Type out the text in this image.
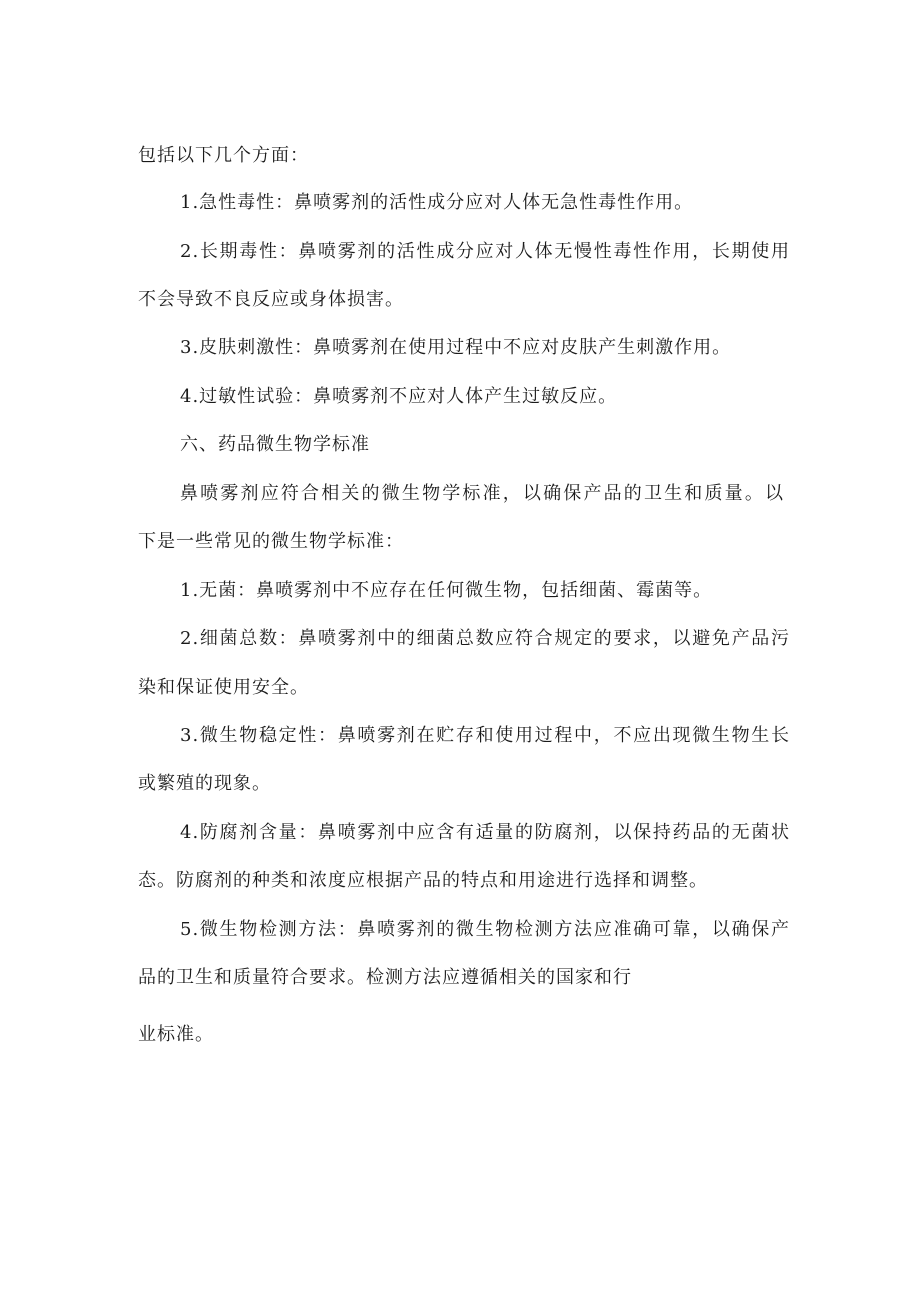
包括以下几个方面：
1.急性毒性：鼻喷雾剂的活性成分应对人体无急性毒性作用。
2.长期毒性：鼻喷雾剂的活性成分应对人体无慢性毒性作用，长期使用
不会导致不良反应或身体损害。
3.皮肤刺激性：鼻喷雾剂在使用过程中不应对皮肤产生刺激作用。
4.过敏性试验：鼻喷雾剂不应对人体产生过敏反应。
六、药品微生物学标准
鼻喷雾剂应符合相关的微生物学标准，以确保产品的卫生和质量。以
下是一些常见的微生物学标准：
1.无菌：鼻喷雾剂中不应存在任何微生物，包括细菌、霉菌等。
2.细菌总数：鼻喷雾剂中的细菌总数应符合规定的要求，以避免产品污
染和保证使用安全。
3.微生物稳定性：鼻喷雾剂在贮存和使用过程中，不应出现微生物生长
或繁殖的现象。
4.防腐剂含量：鼻喷雾剂中应含有适量的防腐剂，以保持药品的无菌状
态。防腐剂的种类和浓度应根据产品的特点和用途进行选择和调整。
5.微生物检测方法：鼻喷雾剂的微生物检测方法应准确可靠，以确保产
品的卫生和质量符合要求。检测方法应遵循相关的国家和行
业标准。
